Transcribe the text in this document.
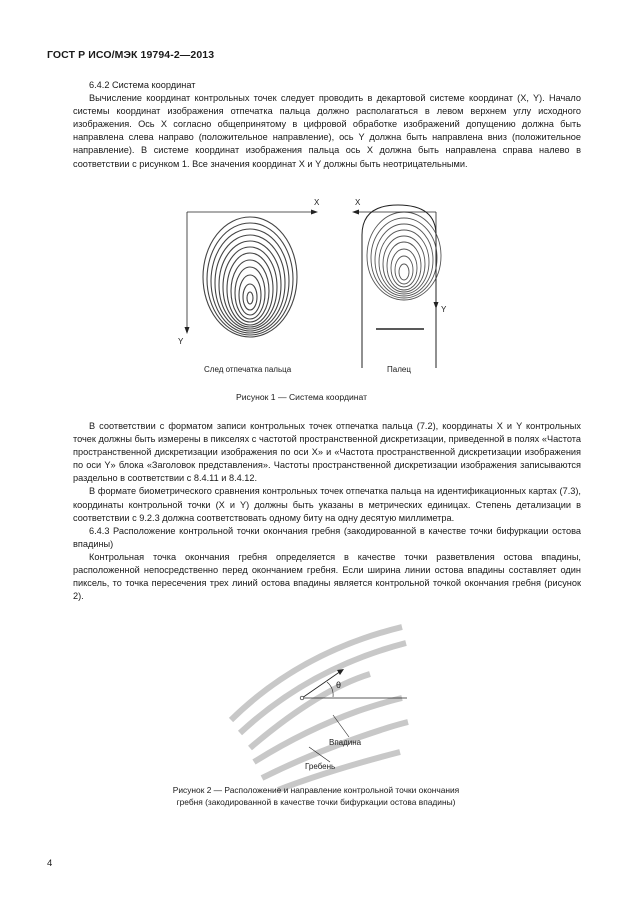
ГОСТ Р ИСО/МЭК 19794-2—2013

6.4.2 Система координат

Вычисление координат контрольных точек следует проводить в декартовой системе координат (X, Y). Начало системы координат изображения отпечатка пальца должно располагаться в левом верхнем углу исходного изображения. Ось X согласно общепринятому в цифровой обработке изображений допущению должна быть направлена слева направо (положительное направление), ось Y должна быть направлена вниз (положительное направление). В системе координат изображения пальца ось X должна быть направлена справа налево в соответствии с рисунком 1. Все значения координат X и Y должны быть неотрицательными.

X
Y
X
Y
След отпечатка пальца	Палец
Рисунок 1 — Система координат

В соответствии с форматом записи контрольных точек отпечатка пальца (7.2), координаты X и Y контрольных точек должны быть измерены в пикселях с частотой пространственной дискретизации, приведенной в полях «Частота пространственной дискретизации изображения по оси X» и «Частота пространственной дискретизации изображения по оси Y» блока «Заголовок представления». Частоты пространственной дискретизации изображения записываются раздельно в соответствии с 8.4.11 и 8.4.12.

В формате биометрического сравнения контрольных точек отпечатка пальца на идентификационных картах (7.3), координаты контрольной точки (X и Y) должны быть указаны в метрических единицах. Степень детализации в соответствии с 9.2.3 должна соответствовать одному биту на одну десятую миллиметра.

6.4.3 Расположение контрольной точки окончания гребня (закодированной в качестве точки бифуркации остова впадины)

Контрольная точка окончания гребня определяется в качестве точки разветвления остова впадины, расположенной непосредственно перед окончанием гребня. Если ширина линии остова впадины составляет один пиксель, то точка пересечения трех линий остова впадины является контрольной точкой окончания гребня (рисунок 2).

θ
Впадина
Гребень
Рисунок 2 — Расположение и направление контрольной точки окончания гребня (закодированной в качестве точки бифуркации остова впадины)
4
